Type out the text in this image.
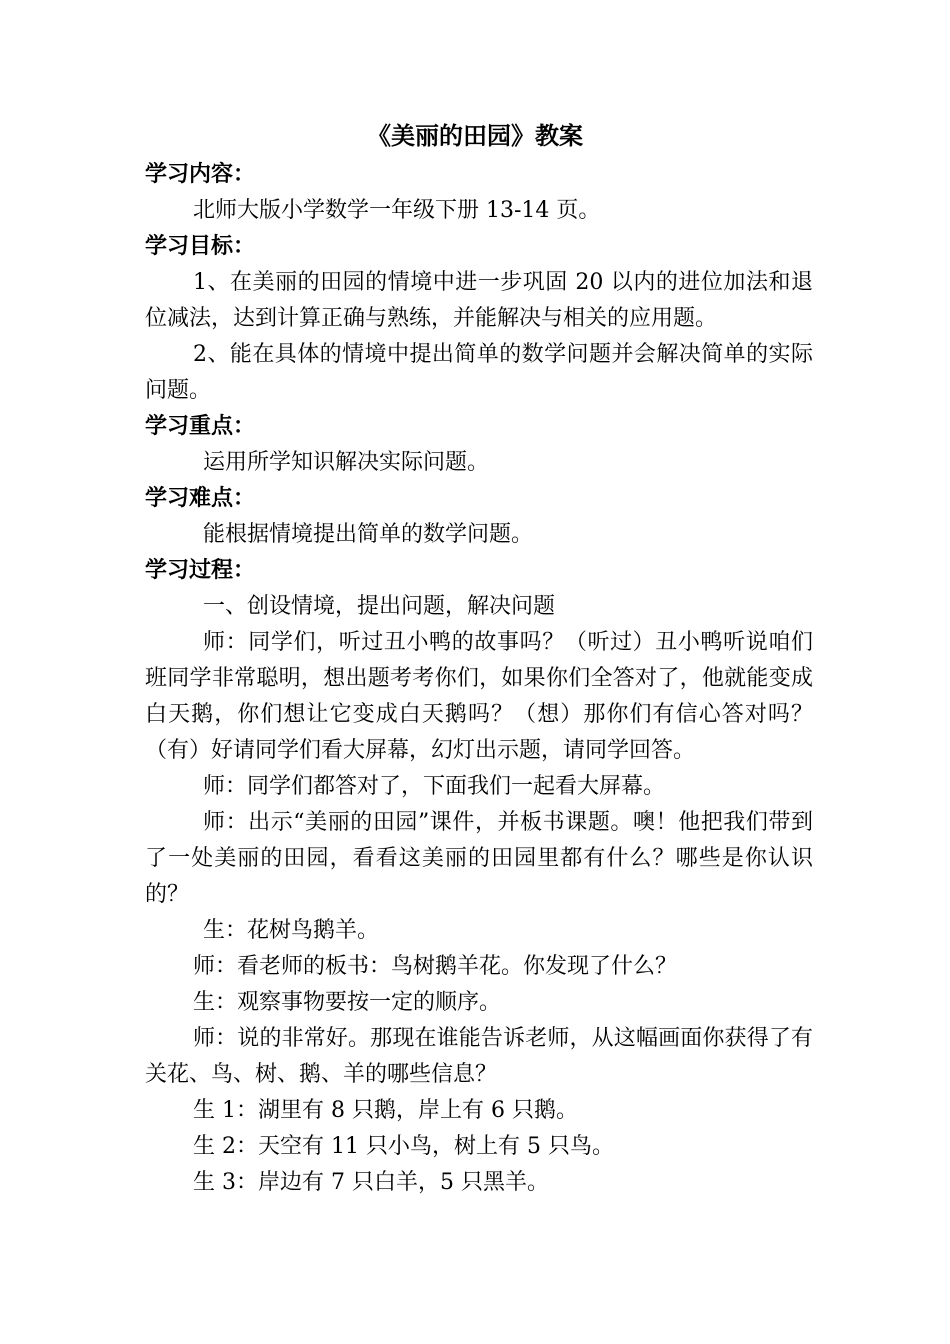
《美丽的田园》教案
学习内容：
北师大版小学数学一年级下册 13-14 页。
学习目标：
1、在美丽的田园的情境中进一步巩固 20 以内的进位加法和退位减法，达到计算正确与熟练，并能解决与相关的应用题。
2、能在具体的情境中提出简单的数学问题并会解决简单的实际问题。
学习重点：
运用所学知识解决实际问题。
学习难点：
能根据情境提出简单的数学问题。
学习过程：
一、创设情境，提出问题，解决问题
师：同学们，听过丑小鸭的故事吗？（听过）丑小鸭听说咱们班同学非常聪明，想出题考考你们，如果你们全答对了，他就能变成白天鹅，你们想让它变成白天鹅吗？（想）那你们有信心答对吗？（有）好请同学们看大屏幕，幻灯出示题，请同学回答。
师：同学们都答对了，下面我们一起看大屏幕。
师：出示“美丽的田园”课件，并板书课题。噢！他把我们带到了一处美丽的田园，看看这美丽的田园里都有什么？哪些是你认识的？
生：花树鸟鹅羊。
师：看老师的板书：鸟树鹅羊花。你发现了什么？
生：观察事物要按一定的顺序。
师：说的非常好。那现在谁能告诉老师，从这幅画面你获得了有关花、鸟、树、鹅、羊的哪些信息？
生 1：湖里有 8 只鹅，岸上有 6 只鹅。
生 2：天空有 11 只小鸟，树上有 5 只鸟。
生 3：岸边有 7 只白羊，5 只黑羊。
